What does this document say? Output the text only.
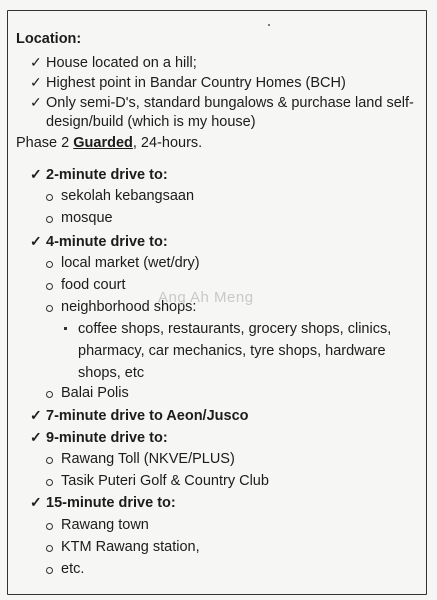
Location:
✓ House located on a hill;
✓ Highest point in Bandar Country Homes (BCH)
✓ Only semi-D's, standard bungalows & purchase land self-
design/build (which is my house)
Phase 2 Guarded, 24-hours.
✓ 2-minute drive to:
sekolah kebangsaan
mosque
✓ 4-minute drive to:
local market (wet/dry)
food court
neighborhood shops:
coffee shops, restaurants, grocery shops, clinics,
pharmacy, car mechanics, tyre shops, hardware
shops, etc
Balai Polis
✓ 7-minute drive to Aeon/Jusco
✓ 9-minute drive to:
Rawang Toll (NKVE/PLUS)
Tasik Puteri Golf & Country Club
✓ 15-minute drive to:
Rawang town
KTM Rawang station,
etc.
Ang Ah Meng
